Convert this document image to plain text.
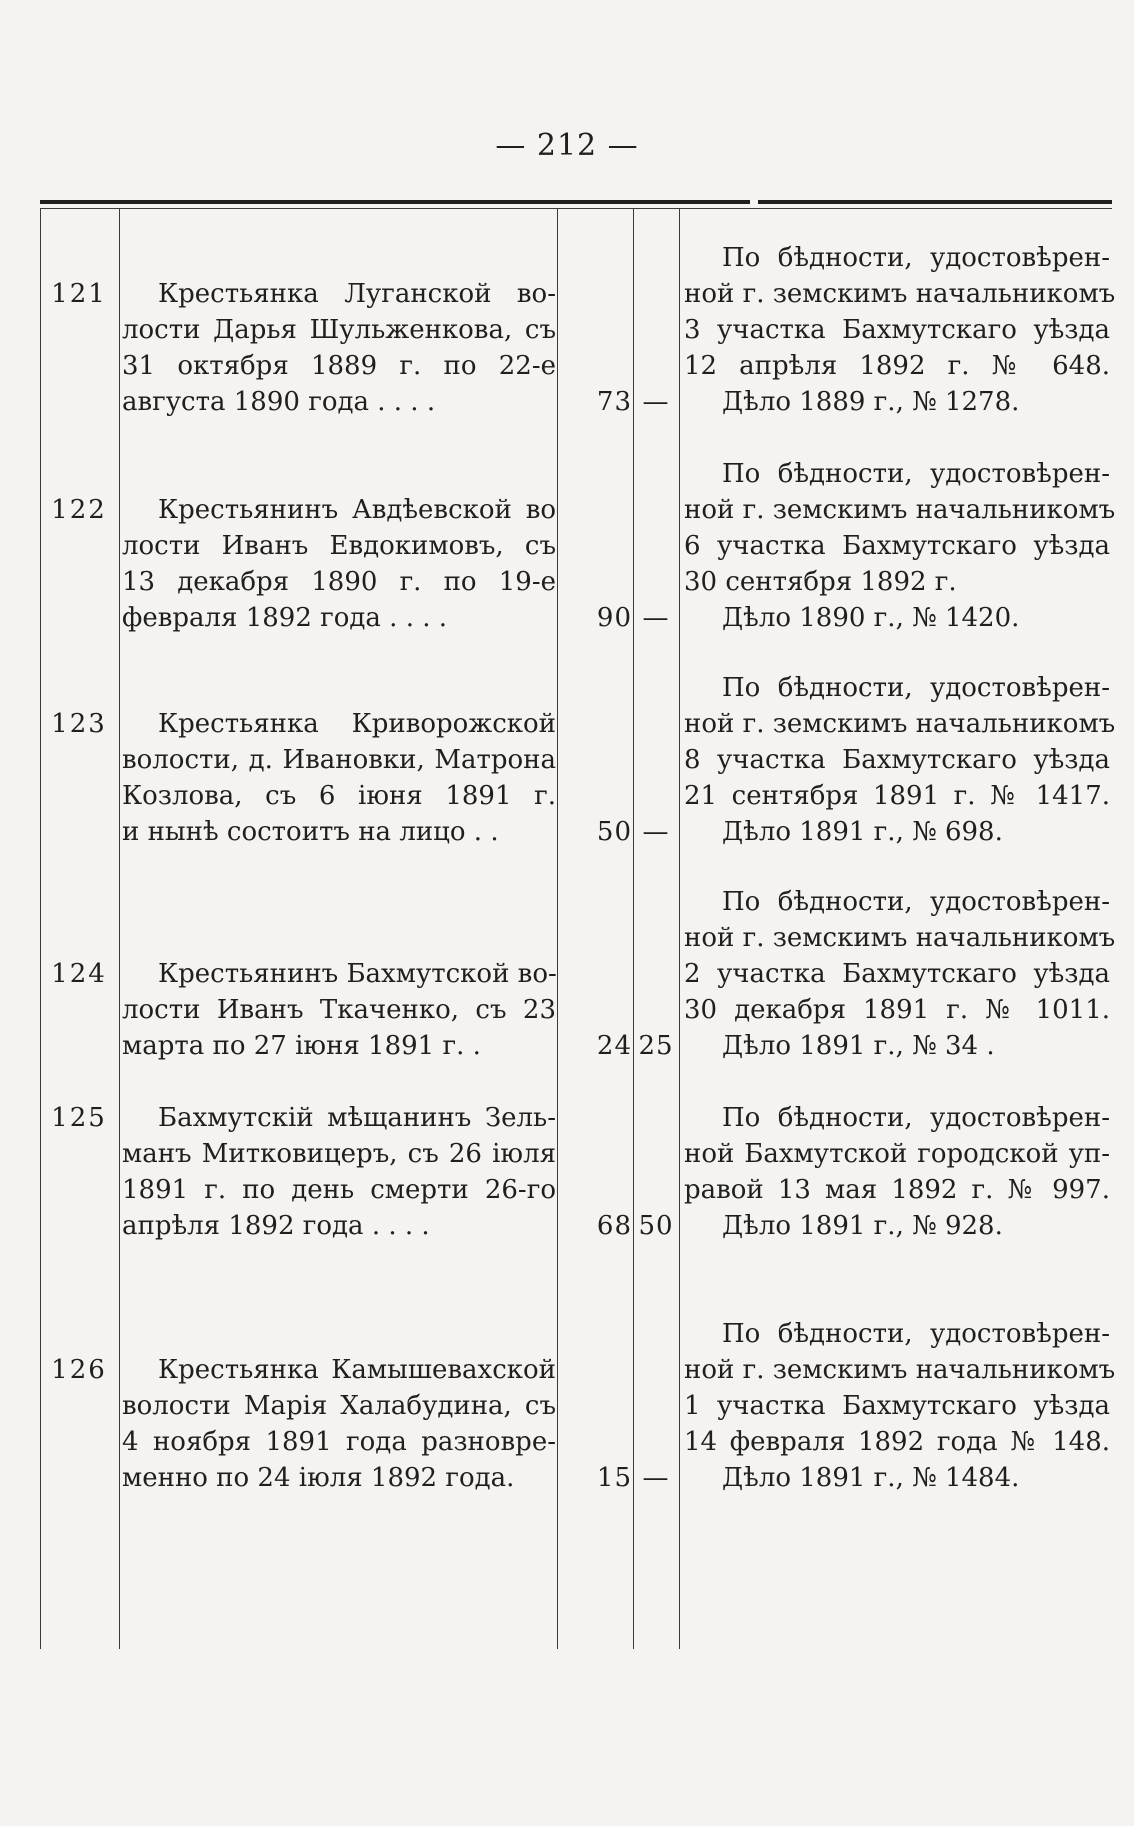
— 212 —
121	Крестьянка Луганской во-
лости Дарья Шульженкова, съ
31 октября 1889 г. по 22-е
августа 1890 года . . . .	73 —
По бѣдности, удостовѣрен-
ной г. земскимъ начальникомъ
3 участка Бахмутскаго уѣзда
12 апрѣля 1892 г. № 648.
Дѣло 1889 г., № 1278.
122	Крестьянинъ Авдѣевской во
лости Иванъ Евдокимовъ, съ
13 декабря 1890 г. по 19-е
февраля 1892 года . . . .	90 —
По бѣдности, удостовѣрен-
ной г. земскимъ начальникомъ
6 участка Бахмутскаго уѣзда
30 сентября 1892 г.
Дѣло 1890 г., № 1420.
123	Крестьянка Криворожской
волости, д. Ивановки, Матрона
Козлова, съ 6 іюня 1891 г.
и нынѣ состоитъ на лицо . .	50 —
По бѣдности, удостовѣрен-
ной г. земскимъ начальникомъ
8 участка Бахмутскаго уѣзда
21 сентября 1891 г. № 1417.
Дѣло 1891 г., № 698.
124	Крестьянинъ Бахмутской во-
лости Иванъ Ткаченко, съ 23
марта по 27 іюня 1891 г. .	24 25
По бѣдности, удостовѣрен-
ной г. земскимъ начальникомъ
2 участка Бахмутскаго уѣзда
30 декабря 1891 г. № 1011.
Дѣло 1891 г., № 34 .
125	Бахмутскій мѣщанинъ Зель-
манъ Митковицеръ, съ 26 іюля
1891 г. по день смерти 26-го
апрѣля 1892 года . . . .	68 50
По бѣдности, удостовѣрен-
ной Бахмутской городской уп-
равой 13 мая 1892 г. № 997.
Дѣло 1891 г., № 928.
126	Крестьянка Камышевахской
волости Марія Халабудина, съ
4 ноября 1891 года разновре-
менно по 24 іюля 1892 года.	15 —
По бѣдности, удостовѣрен-
ной г. земскимъ начальникомъ
1 участка Бахмутскаго уѣзда
14 февраля 1892 года № 148.
Дѣло 1891 г., № 1484.
